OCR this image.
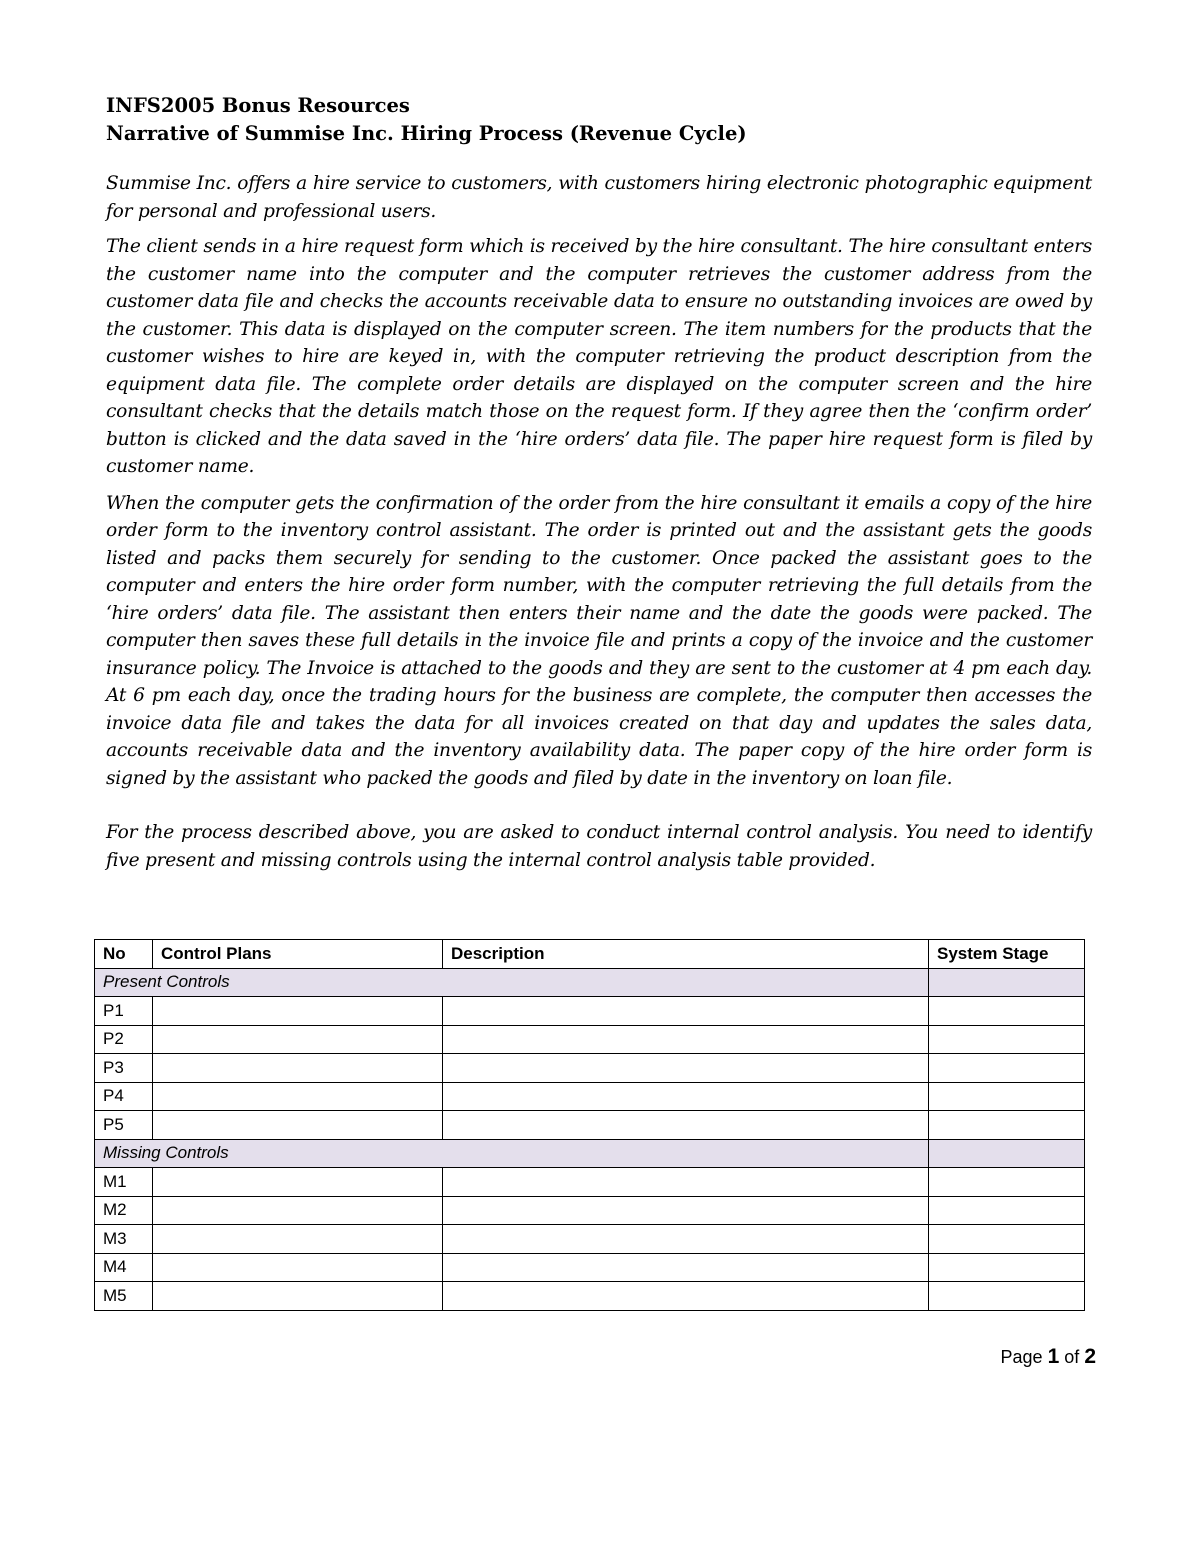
INFS2005 Bonus Resources

Narrative of Summise Inc. Hiring Process (Revenue Cycle)

Summise Inc. offers a hire service to customers, with customers hiring electronic photographic equipment for personal and professional users.

The client sends in a hire request form which is received by the hire consultant. The hire consultant enters the customer name into the computer and the computer retrieves the customer address from the customer data file and checks the accounts receivable data to ensure no outstanding invoices are owed by the customer. This data is displayed on the computer screen. The item numbers for the products that the customer wishes to hire are keyed in, with the computer retrieving the product description from the equipment data file. The complete order details are displayed on the computer screen and the hire consultant checks that the details match those on the request form. If they agree then the ‘confirm order’ button is clicked and the data saved in the ‘hire orders’ data file. The paper hire request form is filed by customer name.

When the computer gets the confirmation of the order from the hire consultant it emails a copy of the hire order form to the inventory control assistant. The order is printed out and the assistant gets the goods listed and packs them securely for sending to the customer. Once packed the assistant goes to the computer and enters the hire order form number, with the computer retrieving the full details from the ‘hire orders’ data file. The assistant then enters their name and the date the goods were packed. The computer then saves these full details in the invoice file and prints a copy of the invoice and the customer insurance policy. The Invoice is attached to the goods and they are sent to the customer at 4 pm each day. At 6 pm each day, once the trading hours for the business are complete, the computer then accesses the invoice data file and takes the data for all invoices created on that day and updates the sales data, accounts receivable data and the inventory availability data. The paper copy of the hire order form is signed by the assistant who packed the goods and filed by date in the inventory on loan file.

For the process described above, you are asked to conduct internal control analysis. You need to identify five present and missing controls using the internal control analysis table provided.

No	Control Plans	Description	System Stage
Present Controls			
P1			
P2			
P3			
P4			
P5			
Missing Controls			
M1			
M2			
M3			
M4			
M5			
Page 1 of 2
